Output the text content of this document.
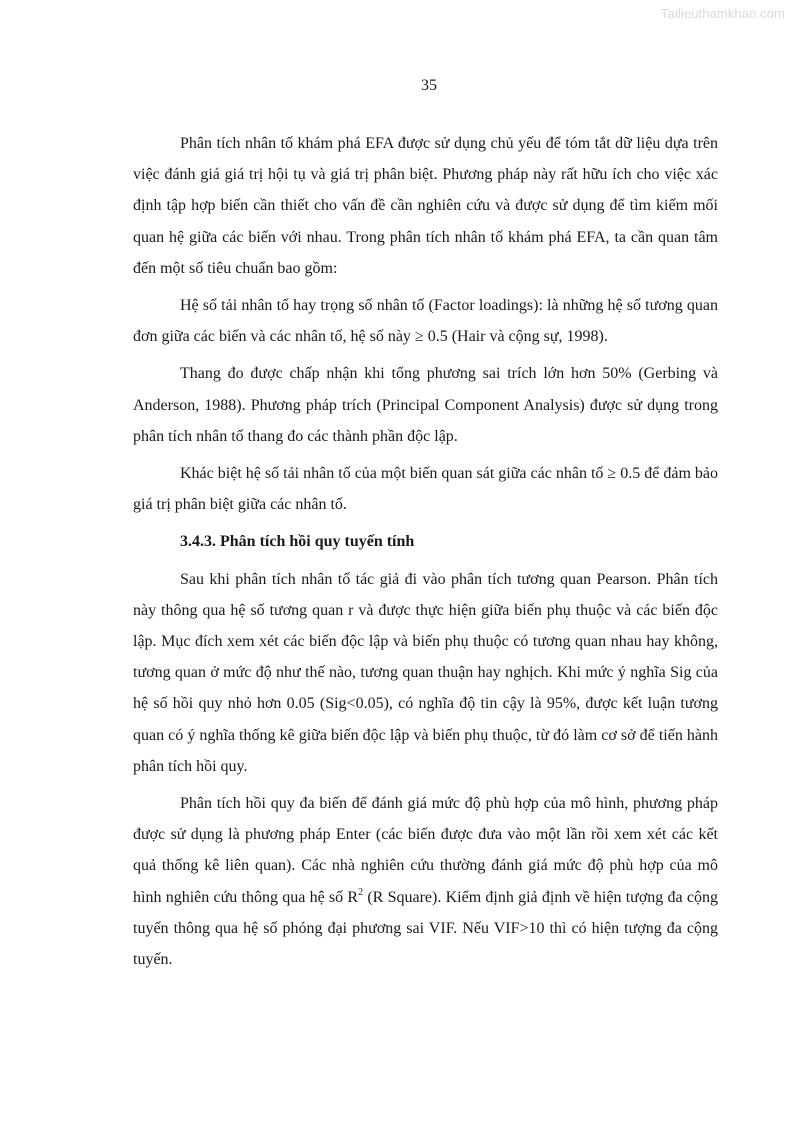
Tailieuthamkhao.com
35

Phân tích nhân tố khám phá EFA được sử dụng chủ yếu để tóm tắt dữ liệu dựa trên việc đánh giá giá trị hội tụ và giá trị phân biệt. Phương pháp này rất hữu ích cho việc xác định tập hợp biến cần thiết cho vấn đề cần nghiên cứu và được sử dụng để tìm kiếm mối quan hệ giữa các biến với nhau. Trong phân tích nhân tố khám phá EFA, ta cần quan tâm đến một số tiêu chuẩn bao gồm:

Hệ số tải nhân tố hay trọng số nhân tố (Factor loadings): là những hệ số tương quan đơn giữa các biến và các nhân tố, hệ số này ≥ 0.5 (Hair và cộng sự, 1998).

Thang đo được chấp nhận khi tổng phương sai trích lớn hơn 50% (Gerbing và Anderson, 1988). Phương pháp trích (Principal Component Analysis) được sử dụng trong phân tích nhân tố thang đo các thành phần độc lập.

Khác biệt hệ số tải nhân tố của một biến quan sát giữa các nhân tố ≥ 0.5 để đảm bảo giá trị phân biệt giữa các nhân tố.

3.4.3. Phân tích hồi quy tuyến tính

Sau khi phân tích nhân tố tác giả đi vào phân tích tương quan Pearson. Phân tích này thông qua hệ số tương quan r và được thực hiện giữa biến phụ thuộc và các biến độc lập. Mục đích xem xét các biến độc lập và biến phụ thuộc có tương quan nhau hay không, tương quan ở mức độ như thế nào, tương quan thuận hay nghịch. Khi mức ý nghĩa Sig của hệ số hồi quy nhỏ hơn 0.05 (Sig<0.05), có nghĩa độ tin cậy là 95%, được kết luận tương quan có ý nghĩa thống kê giữa biến độc lập và biến phụ thuộc, từ đó làm cơ sở để tiến hành phân tích hồi quy.

Phân tích hồi quy đa biến để đánh giá mức độ phù hợp của mô hình, phương pháp được sử dụng là phương pháp Enter (các biến được đưa vào một lần rồi xem xét các kết quả thống kê liên quan). Các nhà nghiên cứu thường đánh giá mức độ phù hợp của mô hình nghiên cứu thông qua hệ số $R^2$ (R Square). Kiểm định giả định về hiện tượng đa cộng tuyến thông qua hệ số phóng đại phương sai VIF. Nếu VIF>10 thì có hiện tượng đa cộng tuyến.
